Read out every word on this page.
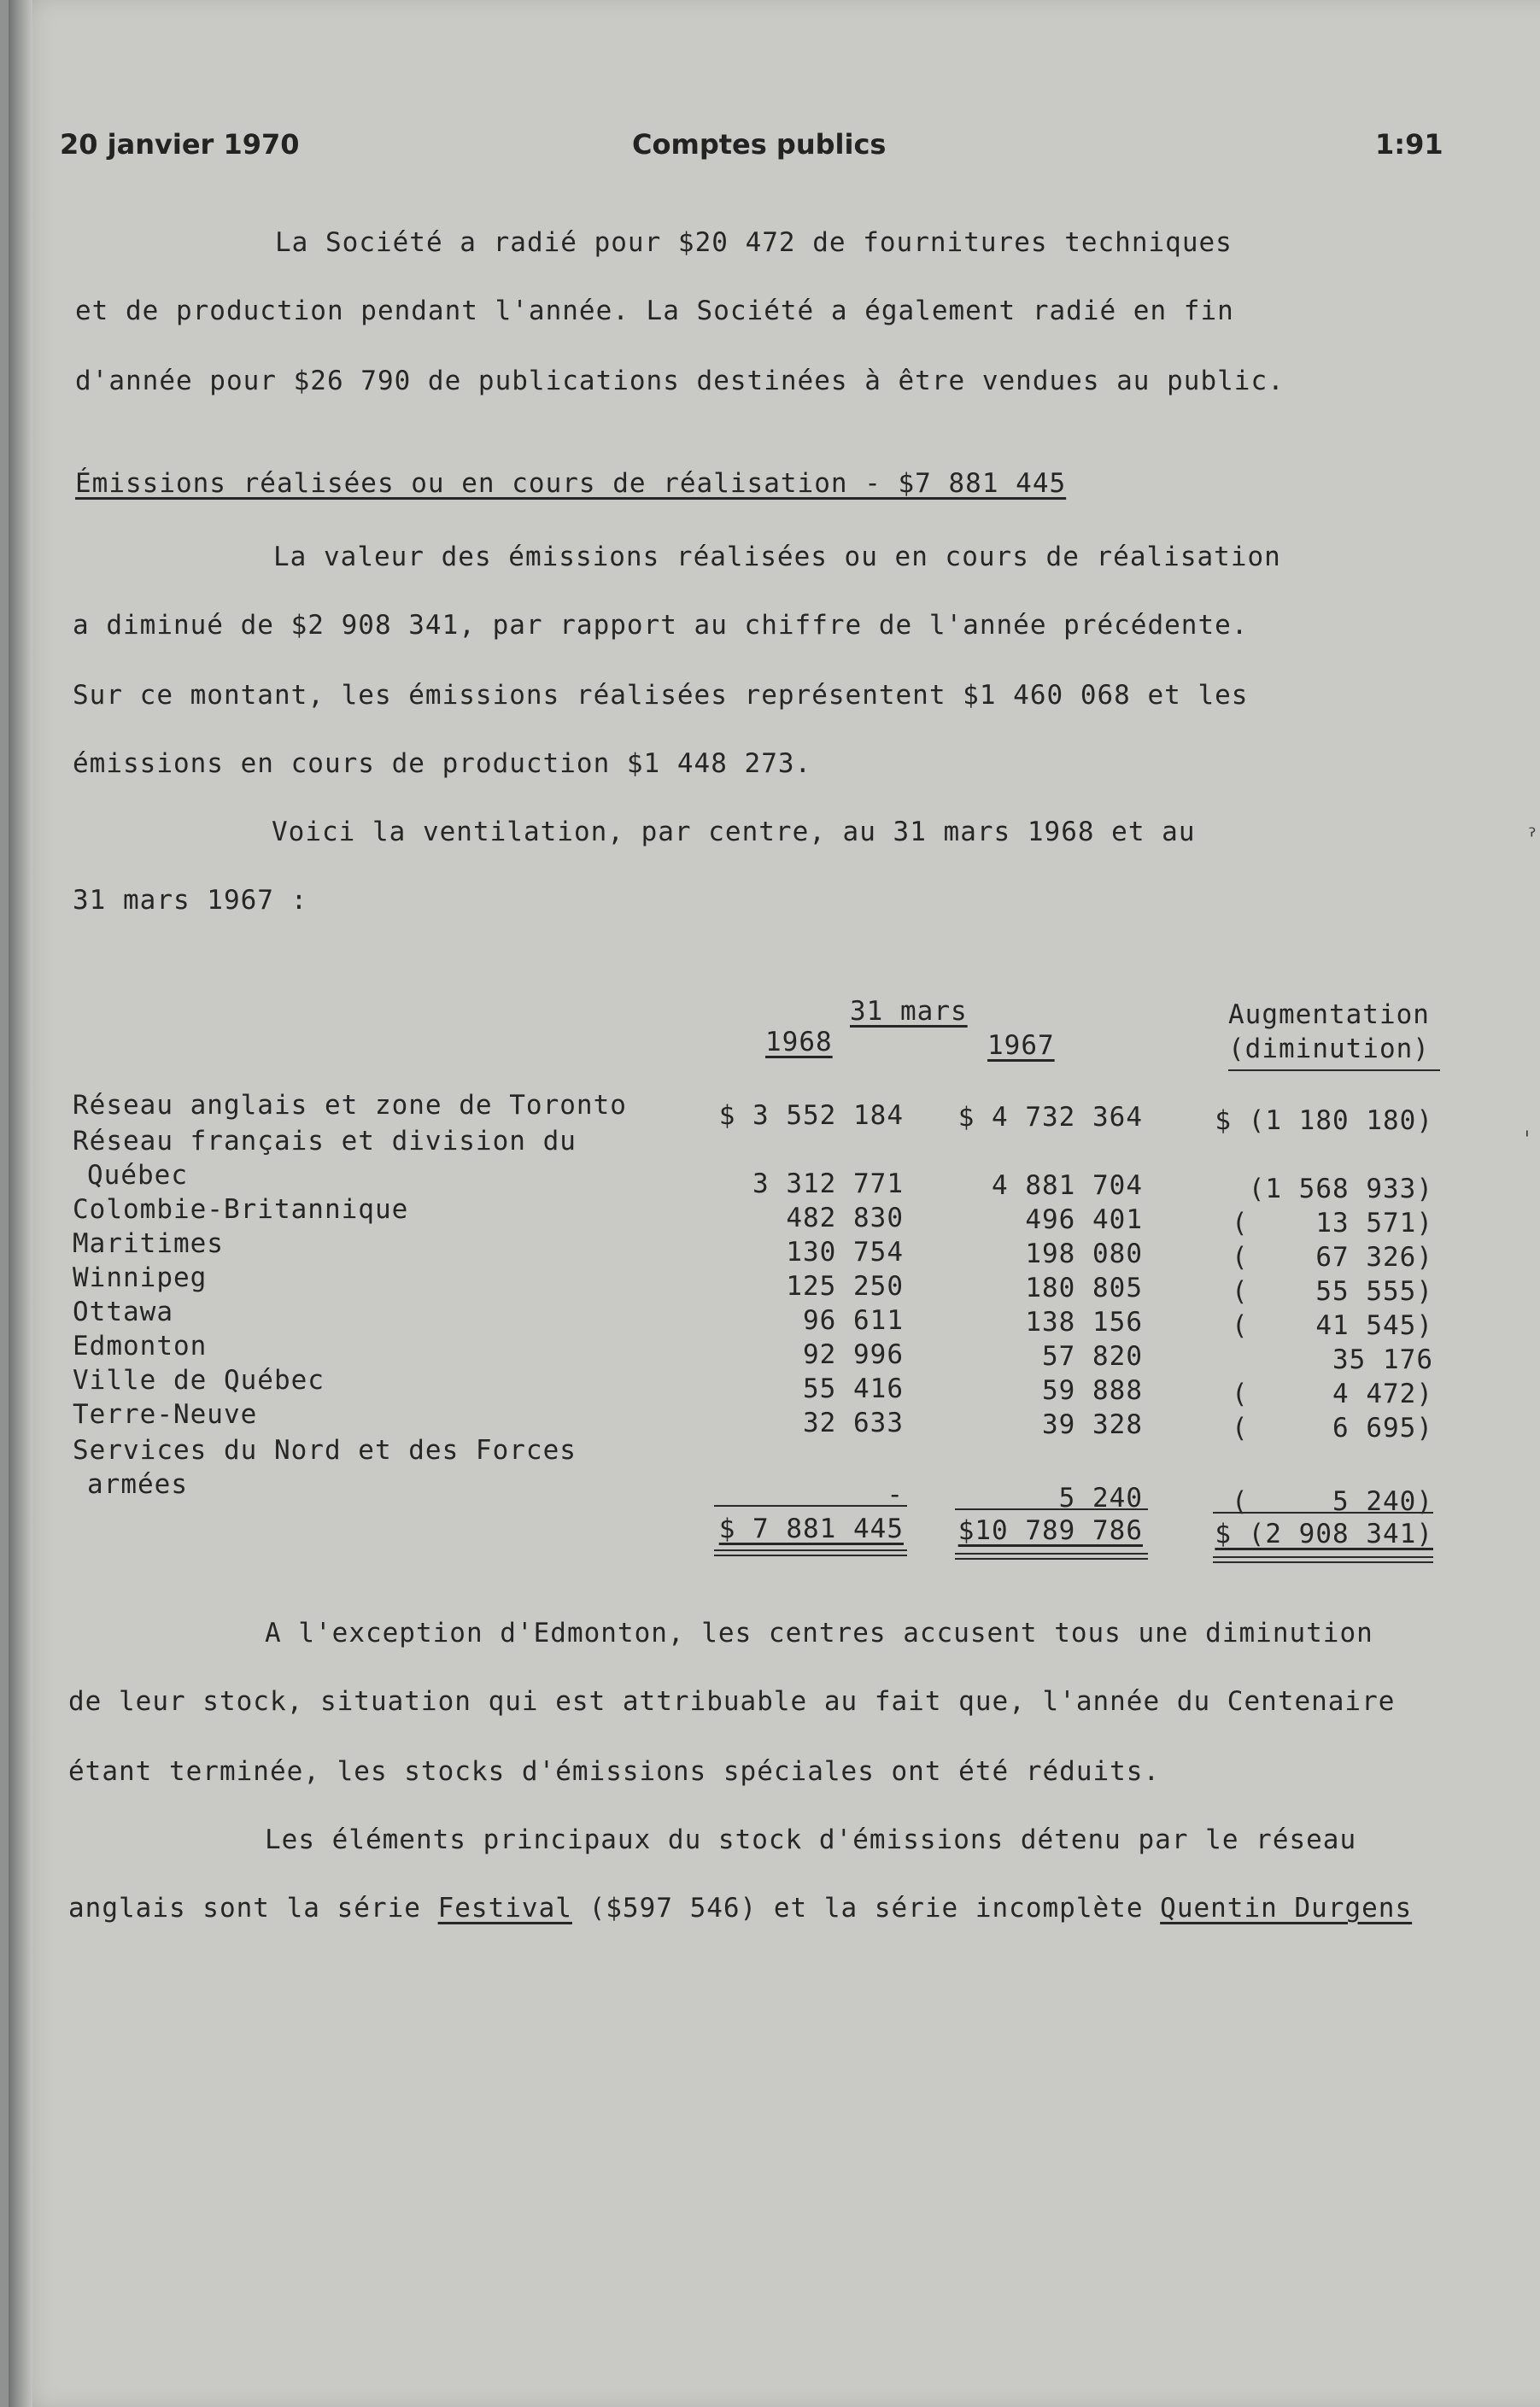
20 janvier 1970	Comptes publics	1:91
La Société a radié pour $20 472 de fournitures techniques
et de production pendant l'année. La Société a également radié en fin
d'année pour $26 790 de publications destinées à être vendues au public.
Émissions réalisées ou en cours de réalisation - $7 881 445
La valeur des émissions réalisées ou en cours de réalisation
a diminué de $2 908 341, par rapport au chiffre de l'année précédente.
Sur ce montant, les émissions réalisées représentent $1 460 068 et les
émissions en cours de production $1 448 273.
Voici la ventilation, par centre, au 31 mars 1968 et au
31 mars 1967 :
31 mars
1968	1967
Augmentation
(diminution)
Réseau anglais et zone de Toronto	$ 3 552 184 $ 4 732 364	$ (1 180 180)
Réseau français et division du
Québec	3 312 771	4 881 704	(1 568 933)
Colombie-Britannique	482 830	496 401	(    13 571)
Maritimes	130 754	198 080	(    67 326)
Winnipeg	125 250	180 805	(    55 555)
Ottawa	96 611	138 156	(    41 545)
Edmonton	92 996	57 820	35 176
Ville de Québec	55 416	59 888	(     4 472)
Terre-Neuve	32 633	39 328	(     6 695)
Services du Nord et des Forces
armées	-	5 240	(     5 240)
$ 7 881 445 $10 789 786	$ (2 908 341)
A l'exception d'Edmonton, les centres accusent tous une diminution
de leur stock, situation qui est attribuable au fait que, l'année du Centenaire
étant terminée, les stocks d'émissions spéciales ont été réduits.
Les éléments principaux du stock d'émissions détenu par le réseau
anglais sont la série Festival ($597 546) et la série incomplète Quentin Durgens
ˀ
ˈ
